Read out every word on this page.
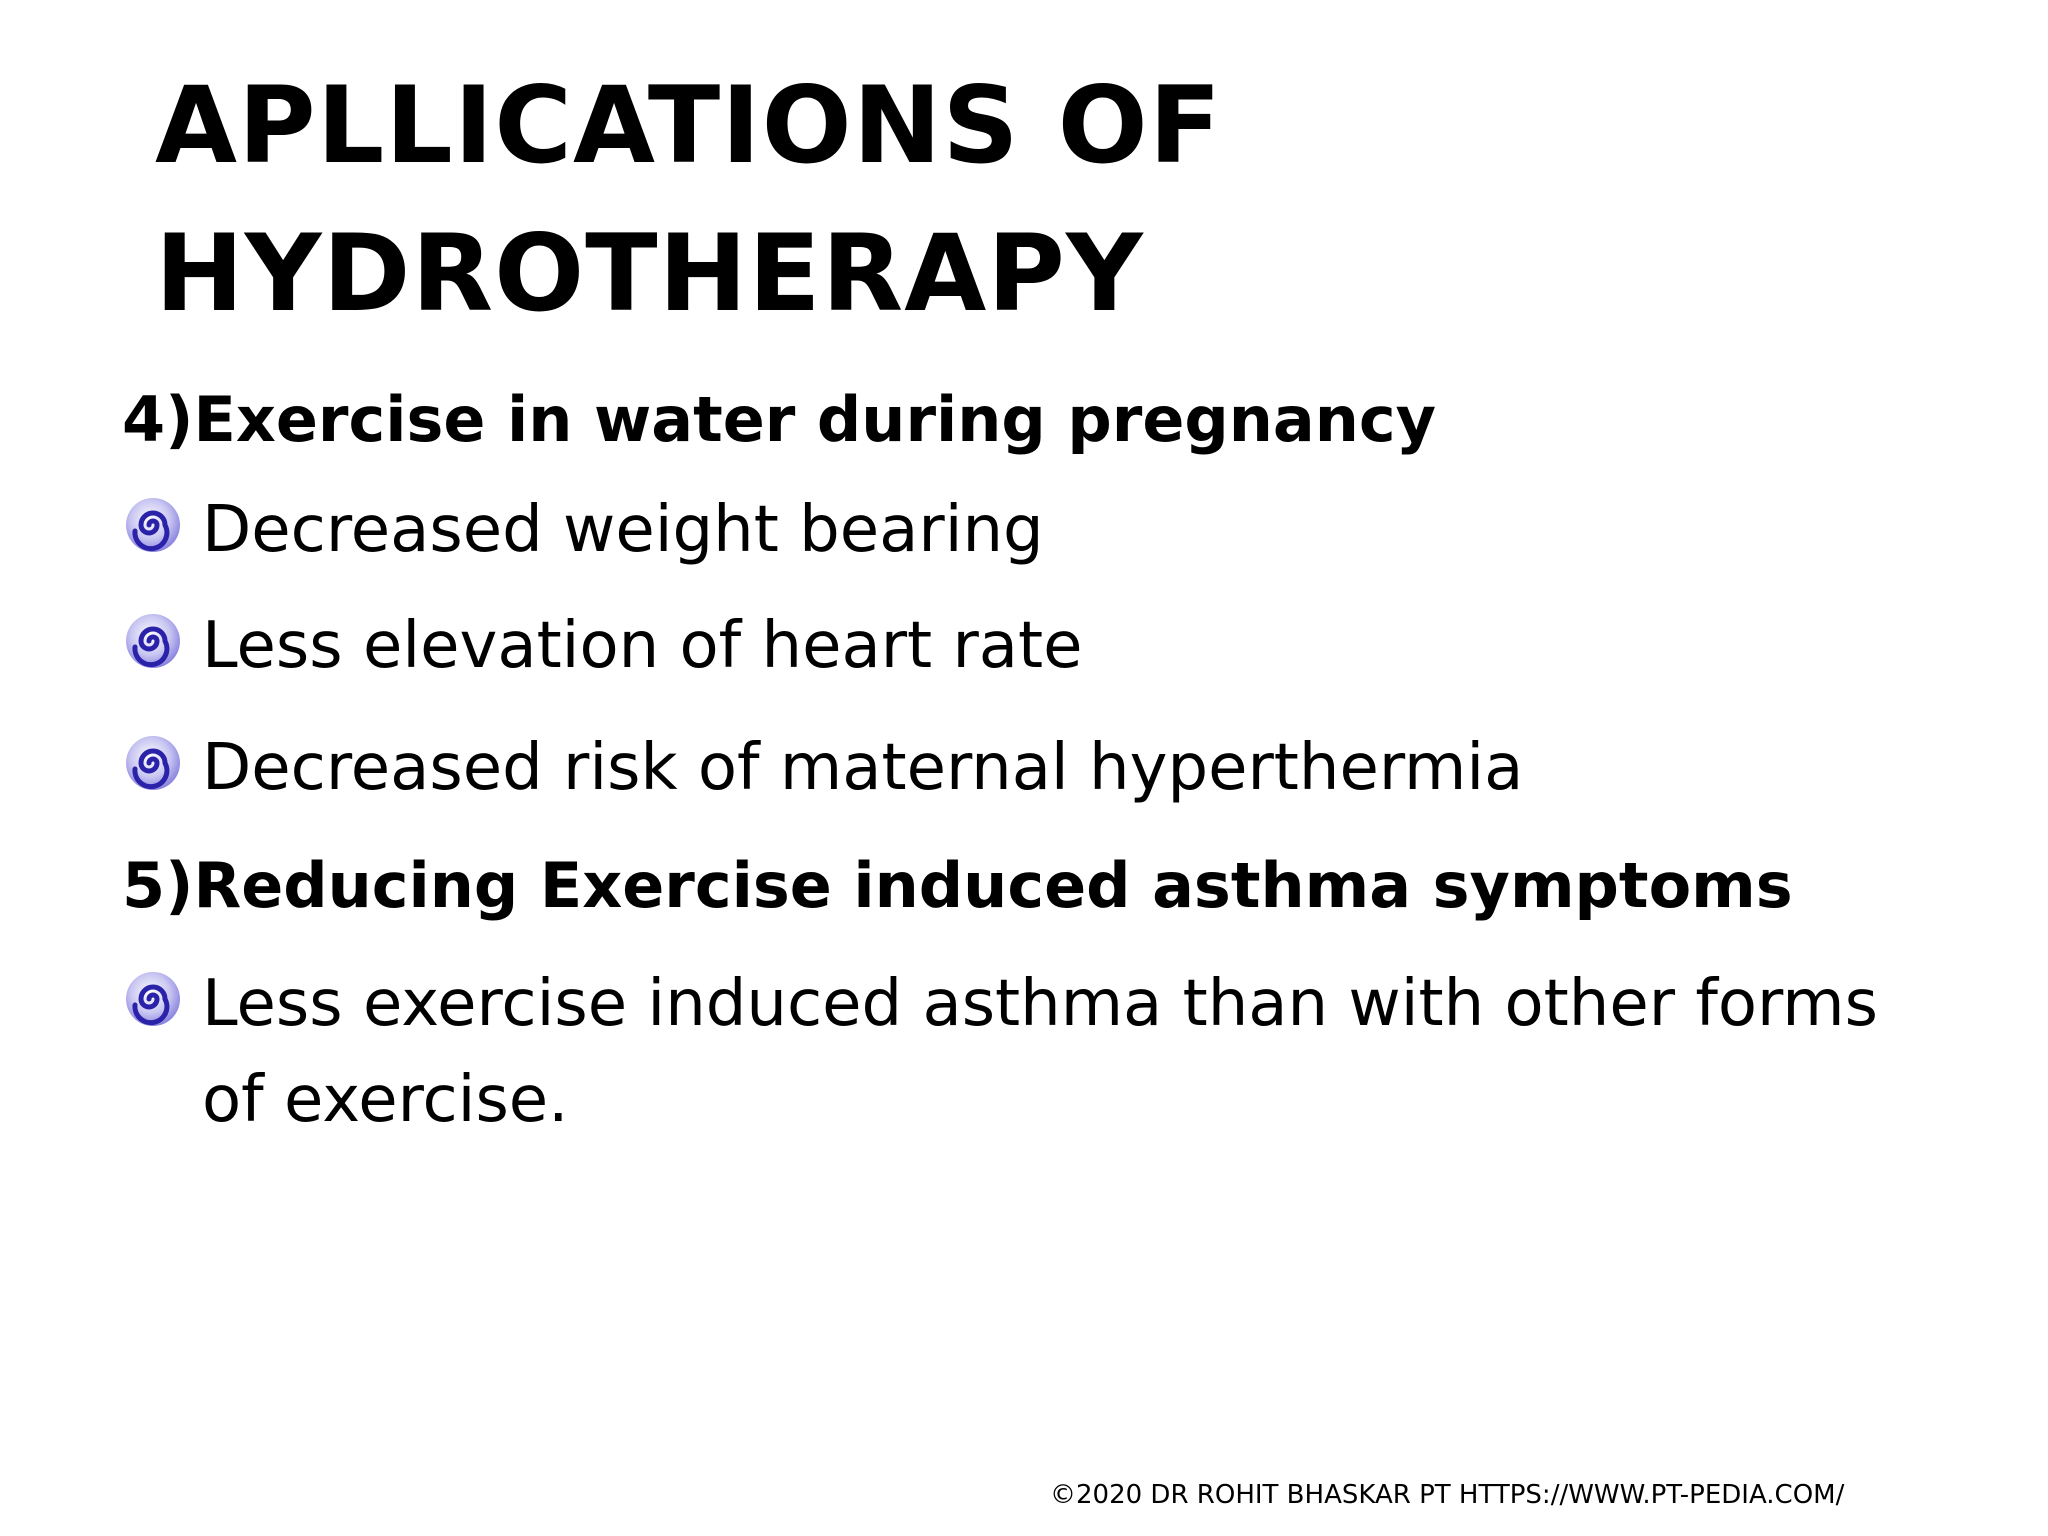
APLLICATIONS OF
HYDROTHERAPY
4)Exercise in water during pregnancy
Decreased weight bearing
Less elevation of heart rate
Decreased risk of maternal hyperthermia
5)Reducing Exercise induced asthma symptoms
Less exercise induced asthma than with other forms
of exercise.
©2020 DR ROHIT BHASKAR PT HTTPS://WWW.PT-PEDIA.COM/
